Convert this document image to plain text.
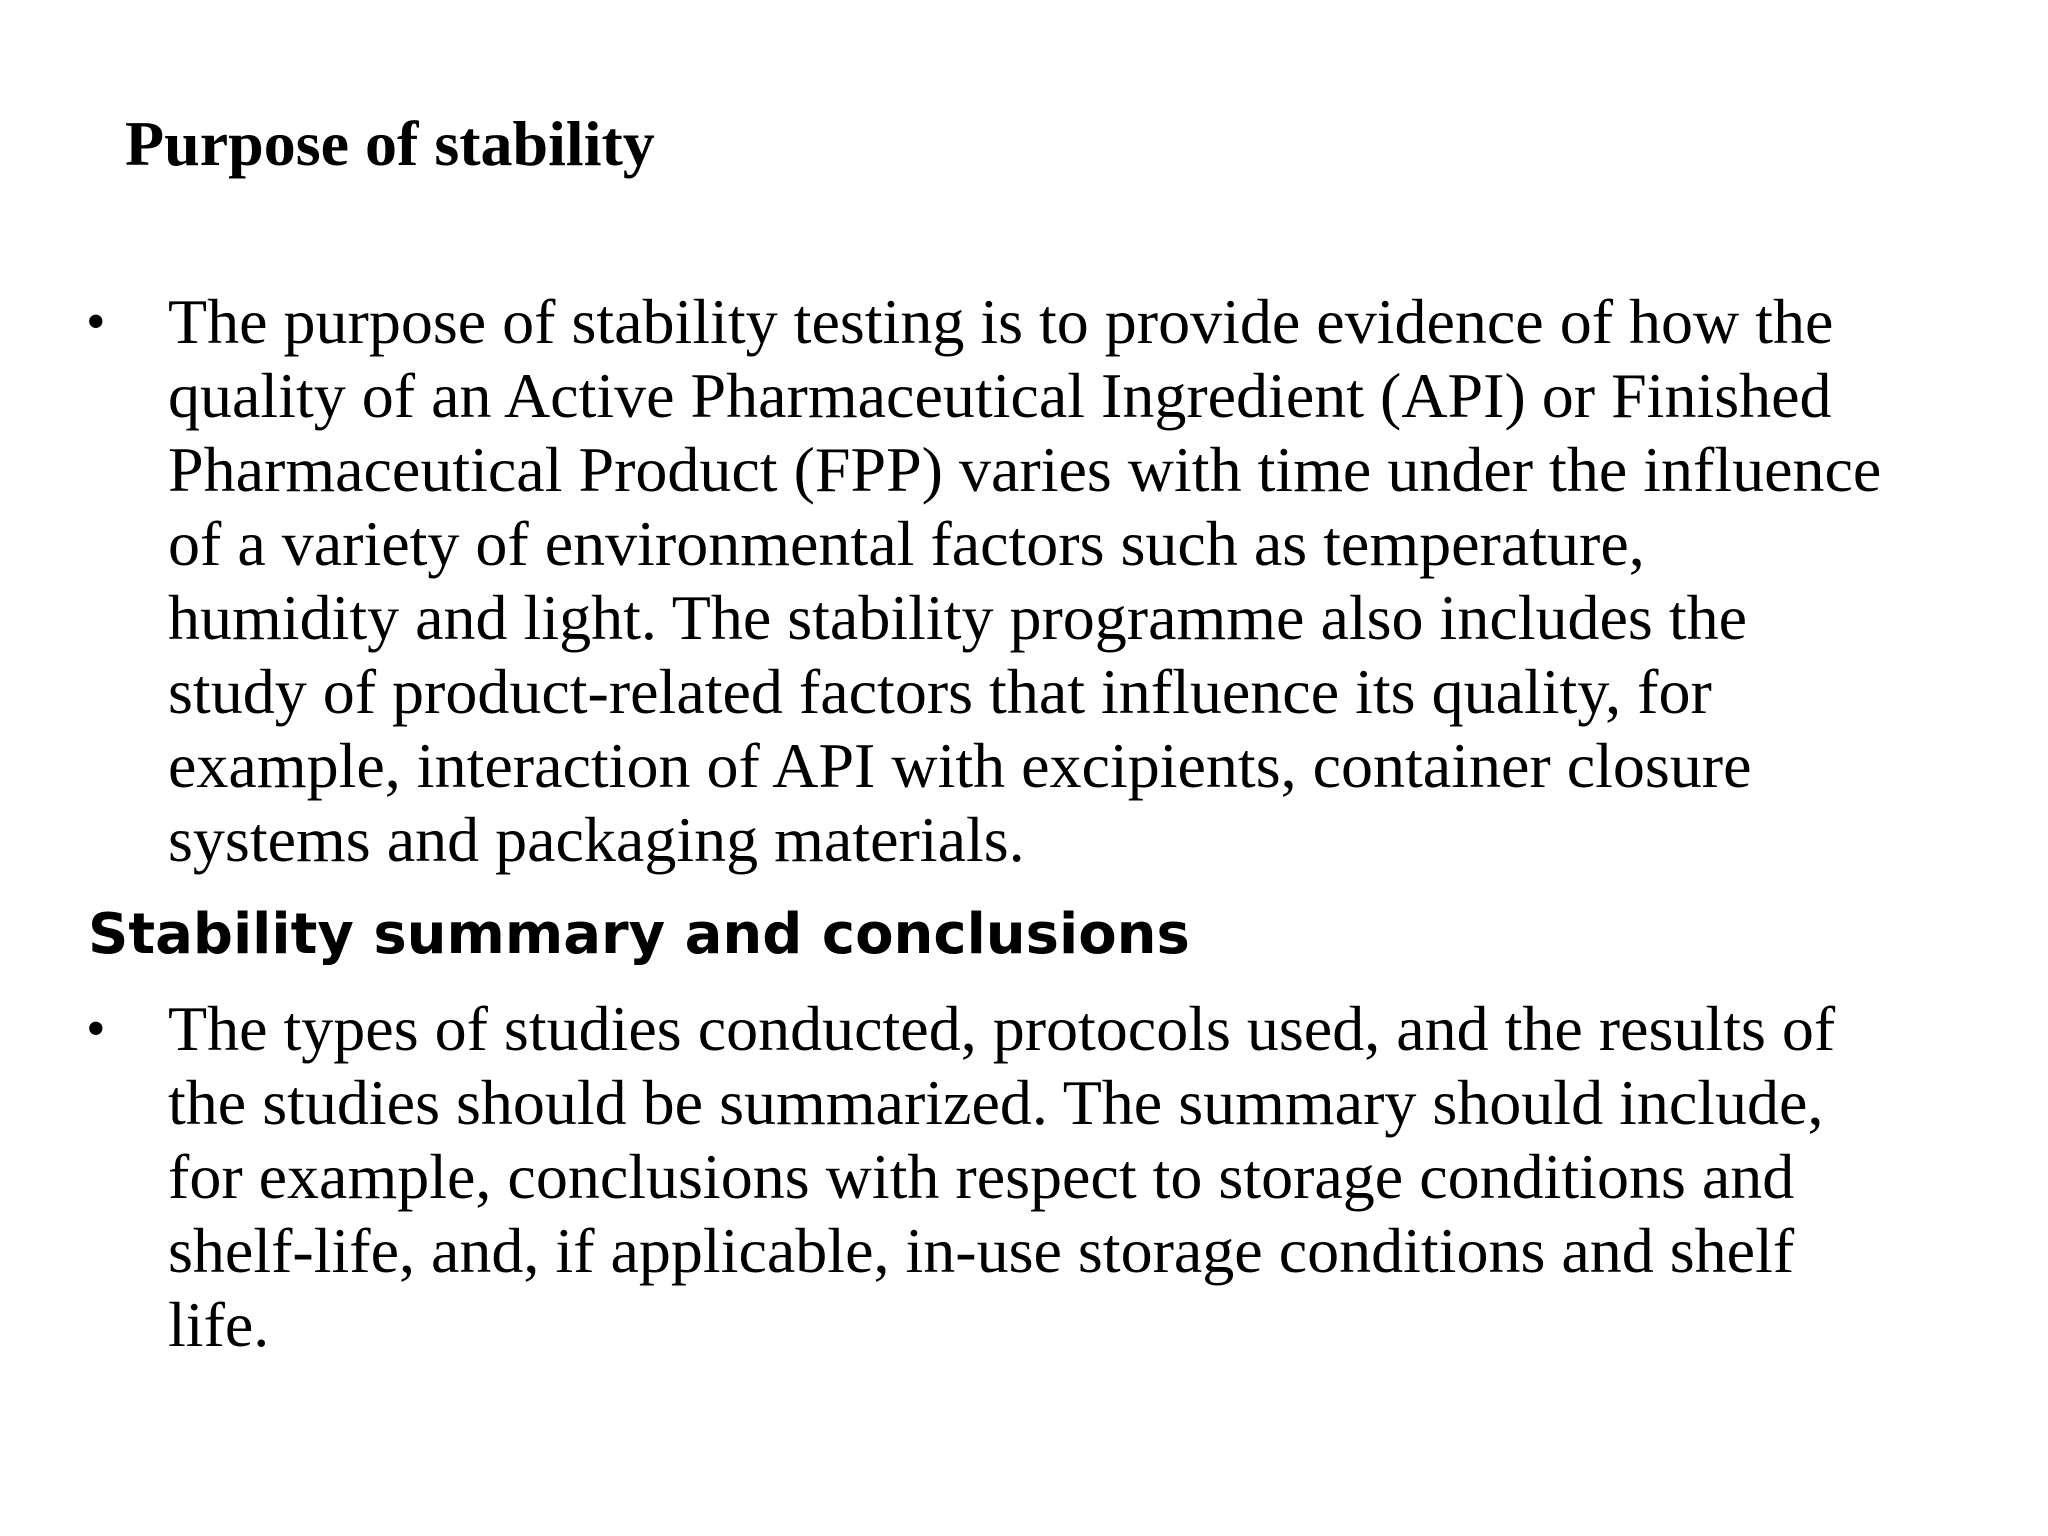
Purpose of stability
• The purpose of stability testing is to provide evidence of how the
quality of an Active Pharmaceutical Ingredient (API) or Finished
Pharmaceutical Product (FPP) varies with time under the influence
of a variety of environmental factors such as temperature,
humidity and light. The stability programme also includes the
study of product-related factors that influence its quality, for
example, interaction of API with excipients, container closure
systems and packaging materials.
Stability summary and conclusions
• The types of studies conducted, protocols used, and the results of
the studies should be summarized. The summary should include,
for example, conclusions with respect to storage conditions and
shelf-life, and, if applicable, in-use storage conditions and shelf
life.
